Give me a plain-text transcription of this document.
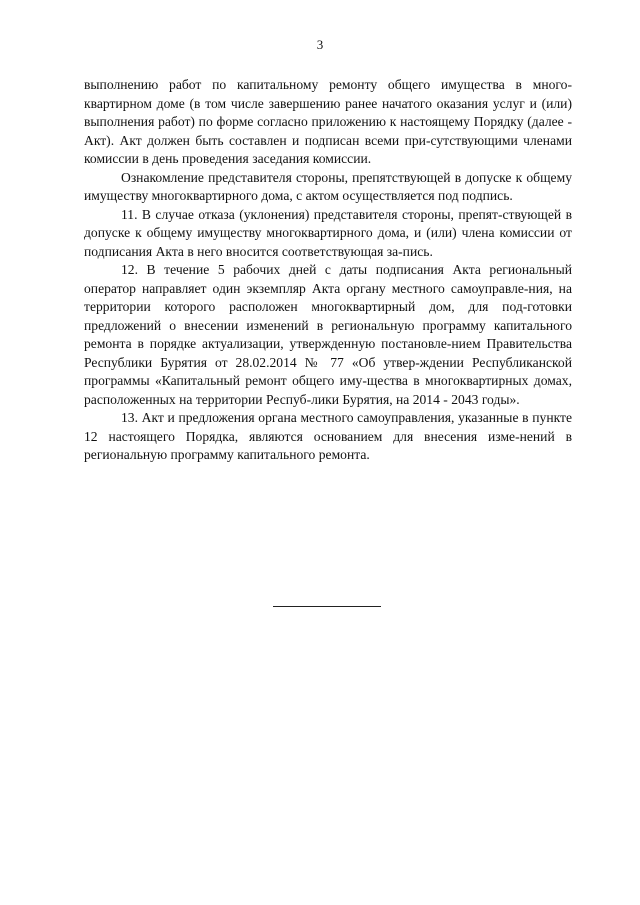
3

выполнению работ по капитальному ремонту общего имущества в много-квартирном доме (в том числе завершению ранее начатого оказания услуг и (или) выполнения работ) по форме согласно приложению к настоящему Порядку (далее - Акт). Акт должен быть составлен и подписан всеми при-сутствующими членами комиссии в день проведения заседания комиссии.

Ознакомление представителя стороны, препятствующей в допуске к общему имуществу многоквартирного дома, с актом осуществляется под подпись.

11. В случае отказа (уклонения) представителя стороны, препят-ствующей в допуске к общему имуществу многоквартирного дома, и (или) члена комиссии от подписания Акта в него вносится соответствующая за-пись.

12. В течение 5 рабочих дней с даты подписания Акта региональный оператор направляет один экземпляр Акта органу местного самоуправле-ния, на территории которого расположен многоквартирный дом, для под-готовки предложений о внесении изменений в региональную программу капитального ремонта в порядке актуализации, утвержденную постановле-нием Правительства Республики Бурятия от 28.02.2014 № 77 «Об утвер-ждении Республиканской программы «Капитальный ремонт общего иму-щества в многоквартирных домах, расположенных на территории Респуб-лики Бурятия, на 2014 - 2043 годы».

13. Акт и предложения органа местного самоуправления, указанные в пункте 12 настоящего Порядка, являются основанием для внесения изме-нений в региональную программу капитального ремонта.
